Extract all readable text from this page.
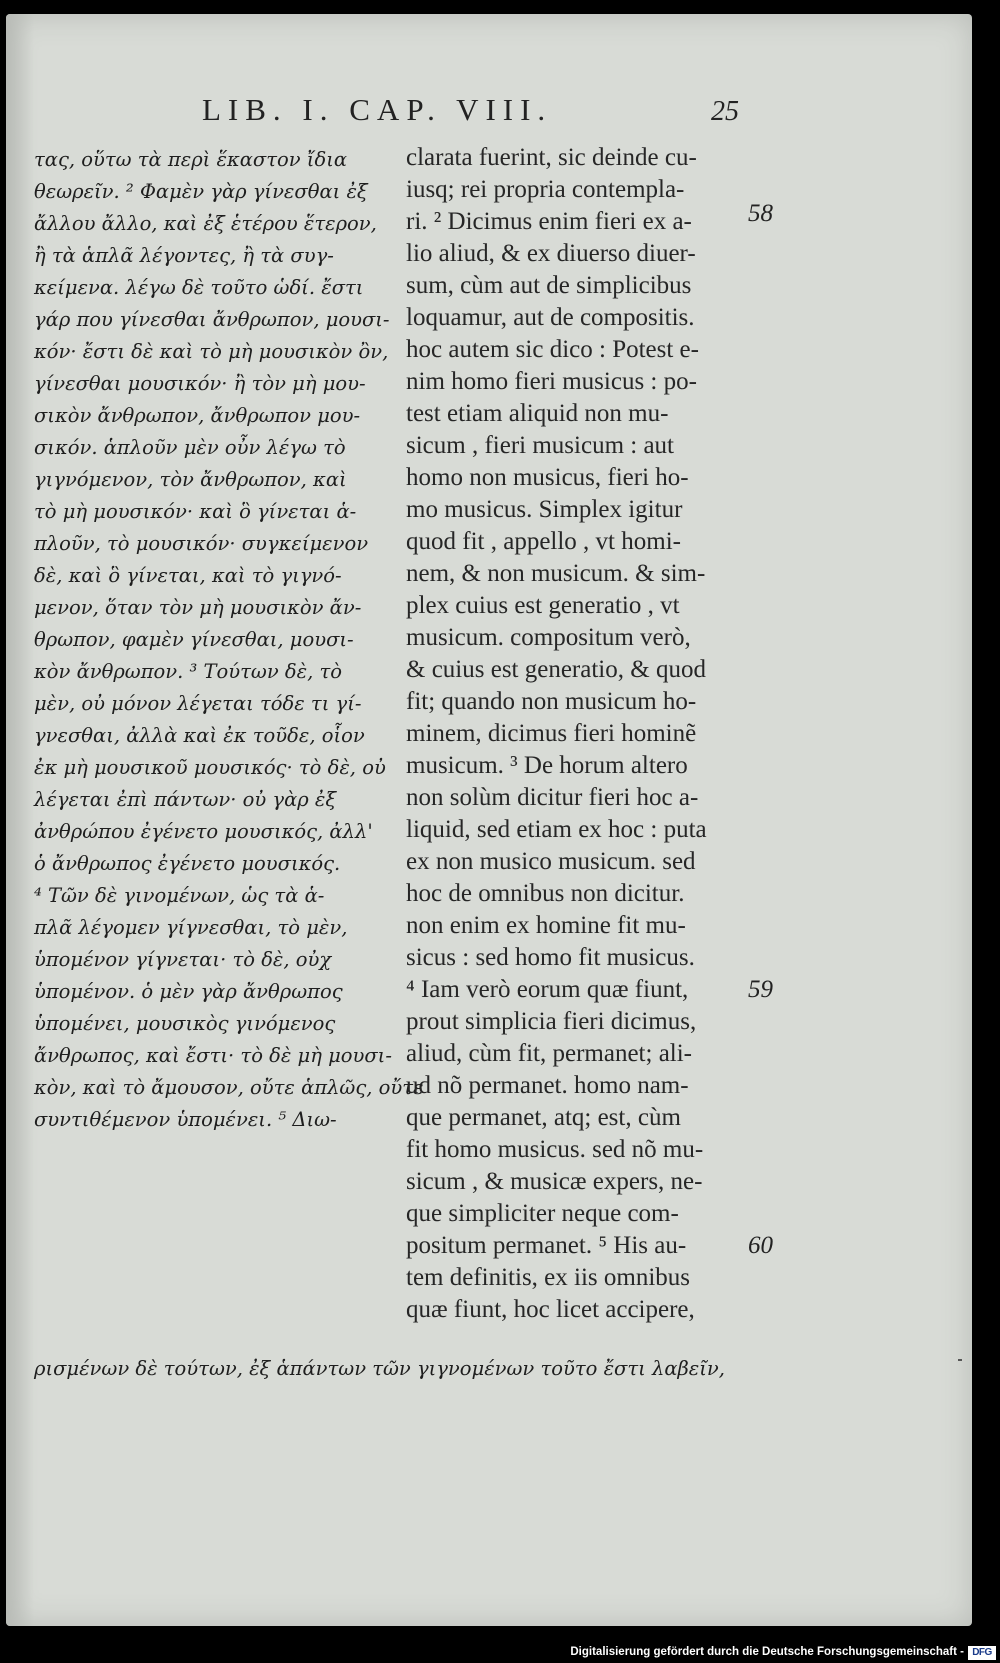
LIB. I. CAP. VIII.	25
τας, οὕτω τὰ περὶ ἕκαστον ἴδια
θεωρεῖν. ² Φαμὲν γὰρ γίνεσθαι ἐξ
ἄλλου ἄλλο, καὶ ἐξ ἑτέρου ἕτερον,
ἢ τὰ ἁπλᾶ λέγοντες, ἢ τὰ συγ-
κείμενα. λέγω δὲ τοῦτο ὡδί. ἔστι
γάρ που γίνεσθαι ἄνθρωπον, μουσι-
κόν· ἔστι δὲ καὶ τὸ μὴ μουσικὸν ὂν,
γίνεσθαι μουσικόν· ἢ τὸν μὴ μου-
σικὸν ἄνθρωπον, ἄνθρωπον μου-
σικόν. ἁπλοῦν μὲν οὖν λέγω τὸ
γιγνόμενον, τὸν ἄνθρωπον, καὶ
τὸ μὴ μουσικόν· καὶ ὃ γίνεται ἁ-
πλοῦν, τὸ μουσικόν· συγκείμενον
δὲ, καὶ ὃ γίνεται, καὶ τὸ γιγνό-
μενον, ὅταν τὸν μὴ μουσικὸν ἄν-
θρωπον, φαμὲν γίνεσθαι, μουσι-
κὸν ἄνθρωπον. ³ Τούτων δὲ, τὸ
μὲν, οὐ μόνον λέγεται τόδε τι γί-
γνεσθαι, ἀλλὰ καὶ ἐκ τοῦδε, οἷον
ἐκ μὴ μουσικοῦ μουσικός· τὸ δὲ, οὐ
λέγεται ἐπὶ πάντων· οὐ γὰρ ἐξ
ἀνθρώπου ἐγένετο μουσικός, ἀλλ'
ὁ ἄνθρωπος ἐγένετο μουσικός.
⁴ Τῶν δὲ γινομένων, ὡς τὰ ἁ-
πλᾶ λέγομεν γίγνεσθαι, τὸ μὲν,
ὑπομένον γίγνεται· τὸ δὲ, οὐχ
ὑπομένον. ὁ μὲν γὰρ ἄνθρωπος
ὑπομένει, μουσικὸς γινόμενος
ἄνθρωπος, καὶ ἔστι· τὸ δὲ μὴ μουσι-
κὸν, καὶ τὸ ἄμουσον, οὔτε ἁπλῶς, οὔτε
συντιθέμενον ὑπομένει. ⁵ Διω-
clarata fuerint, sic deinde cu-
iusq; rei propria contempla-
ri. ² Dicimus enim fieri ex a-
lio aliud, & ex diuerso diuer-
sum, cùm aut de simplicibus
loquamur, aut de compositis.
hoc autem sic dico : Potest e-
nim homo fieri musicus : po-
test etiam aliquid non mu-
sicum , fieri musicum : aut
homo non musicus, fieri ho-
mo musicus. Simplex igitur
quod fit , appello , vt homi-
nem, & non musicum. & sim-
plex cuius est generatio , vt
musicum. compositum verò,
& cuius est generatio, & quod
fit; quando non musicum ho-
minem, dicimus fieri hominẽ
musicum. ³ De horum altero
non solùm dicitur fieri hoc a-
liquid, sed etiam ex hoc : puta
ex non musico musicum. sed
hoc de omnibus non dicitur.
non enim ex homine fit mu-
sicus : sed homo fit musicus.
⁴ Iam verò eorum quæ fiunt,
prout simplicia fieri dicimus,
aliud, cùm fit, permanet; ali-
ud nõ permanet. homo nam-
que permanet, atq; est, cùm
fit homo musicus. sed nõ mu-
sicum , & musicæ expers, ne-
que simpliciter neque com-
positum permanet. ⁵ His au-
tem definitis, ex iis omnibus
quæ fiunt, hoc licet accipere,
58
59
60
ρισμένων δὲ τούτων, ἐξ ἁπάντων τῶν γιγνομένων τοῦτο ἔστι λαβεῖν,
Digitalisierung gefördert durch die Deutsche Forschungsgemeinschaft - DFG
